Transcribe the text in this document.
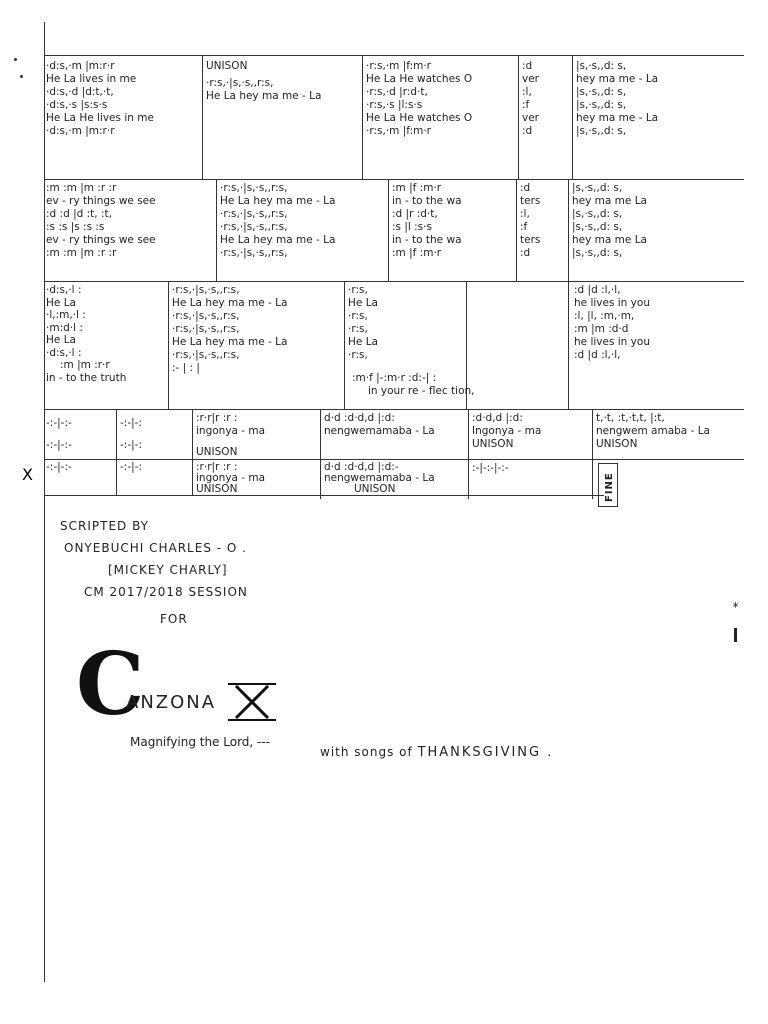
·d:s,·m |m:r·r
He La lives in me
·d:s,·d |d:t,·t,
·d:s,·s |s:s·s
He La He lives in me
·d:s,·m |m:r·r
UNISON
·r:s,·|s,·s,,r:s,
He La hey ma me - La
·r:s,·m |f:m·r
He La He watches O
·r:s,·d |r:d·t,
·r:s,·s |l:s·s
He La He watches O
·r:s,·m |f:m·r
:d
ver
:l,
:f
ver
:d
|s,·s,,d: s,
hey ma me - La
|s,·s,,d: s,
|s,·s,,d: s,
hey ma me - La
|s,·s,,d: s,
:m :m |m :r :r
ev - ry things we see
:d :d |d :t, :t,
:s :s |s :s :s
ev - ry things we see
:m :m |m :r :r
·r:s,·|s,·s,,r:s,
He La hey ma me - La
·r:s,·|s,·s,,r:s,
·r:s,·|s,·s,,r:s,
He La hey ma me - La
·r:s,·|s,·s,,r:s,
:m |f :m·r
in - to the wa
:d |r :d·t,
:s |l :s·s
in - to the wa
:m |f :m·r
:d
ters
:l,
:f
ters
:d
|s,·s,,d: s,
hey ma me La
|s,·s,,d: s,
|s,·s,,d: s,
hey ma me La
|s,·s,,d: s,
·d:s,·l :
He La
·l,:m,·l :
·m:d·l :
He La
·d:s,·l :
:m |m :r·r
in - to the truth
·r:s,·|s,·s,,r:s,
He La hey ma me - La
·r:s,·|s,·s,,r:s,
·r:s,·|s,·s,,r:s,
He La hey ma me - La
·r:s,·|s,·s,,r:s,
:- | : |
·r:s,
He La
·r:s,
·r:s,
He La
·r:s,
:m·f |-:m·r :d:-| :
in your re - flec tion,
:d |d :l,·l,
he lives in you
:l, |l, :m,·m,
:m |m :d·d
he lives in you
:d |d :l,·l,
-:-|-:-
-:-|-:-
-:-|-:-
-:-|-:
-:-|-:
-:-|-:
:r·r|r :r :
ingonya - ma
UNISON
d·d :d·d,d |:d:
nengwemamaba - La
:d·d,d |:d:
Ingonya - ma
UNISON
t,·t, :t,·t,t, |:t,
nengwem amaba - La
UNISON
:r·r|r :r :
ingonya - ma
UNISON
d·d :d·d,d |:d:-
nengwemamaba - La
UNISON
:-|-:-|-:-
FINE
SCRIPTED BY
ONYEBUCHI CHARLES - O .
[MICKEY CHARLY]
CM 2017/2018 SESSION
FOR
C
ANZONA
X
Magnifying the Lord, ---
with songs of THANKSGIVING .
*
